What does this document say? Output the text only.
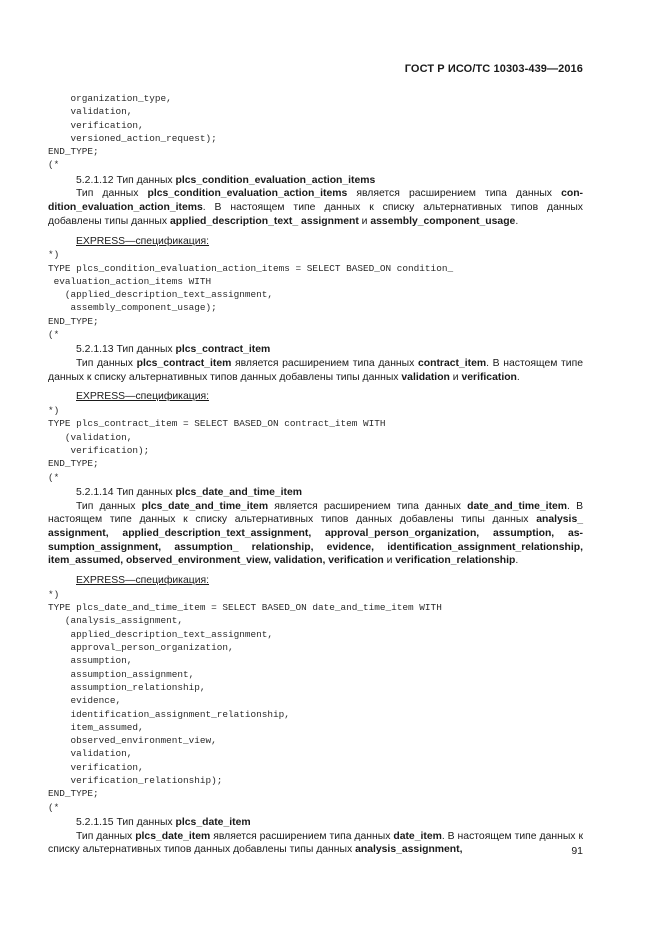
ГОСТ Р ИСО/ТС 10303-439—2016
organization_type,
validation,
verification,
versioned_action_request);
END_TYPE;
(*
5.2.1.12 Тип данных plcs_condition_evaluation_action_items

Тип данных plcs_condition_evaluation_action_items является расширением типа данных con-dition_evaluation_action_items. В настоящем типе данных к списку альтернативных типов данных добавлены типы данных applied_description_text_ assignment и assembly_component_usage.

EXPRESS—спецификация:
*)
TYPE plcs_condition_evaluation_action_items = SELECT BASED_ON condition_
evaluation_action_items WITH
(applied_description_text_assignment,
assembly_component_usage);
END_TYPE;
(*
5.2.1.13 Тип данных plcs_contract_item

Тип данных plcs_contract_item является расширением типа данных contract_item. В настоящем типе данных к списку альтернативных типов данных добавлены типы данных validation и verification.

EXPRESS—спецификация:
*)
TYPE plcs_contract_item = SELECT BASED_ON contract_item WITH
(validation,
verification);
END_TYPE;
(*
5.2.1.14 Тип данных plcs_date_and_time_item

Тип данных plcs_date_and_time_item является расширением типа данных date_and_time_item. В настоящем типе данных к списку альтернативных типов данных добавлены типы данных analysis_ assignment, applied_description_text_assignment, approval_person_organization, assumption, as-sumption_assignment, assumption_ relationship, evidence, identification_assignment_relationship, item_assumed, observed_environment_view, validation, verification и verification_relationship.

EXPRESS—спецификация:
*)
TYPE plcs_date_and_time_item = SELECT BASED_ON date_and_time_item WITH
(analysis_assignment,
applied_description_text_assignment,
approval_person_organization,
assumption,
assumption_assignment,
assumption_relationship,
evidence,
identification_assignment_relationship,
item_assumed,
observed_environment_view,
validation,
verification,
verification_relationship);
END_TYPE;
(*
5.2.1.15 Тип данных plcs_date_item

Тип данных plcs_date_item является расширением типа данных date_item. В настоящем типе данных к списку альтернативных типов данных добавлены типы данных analysis_assignment,	91
